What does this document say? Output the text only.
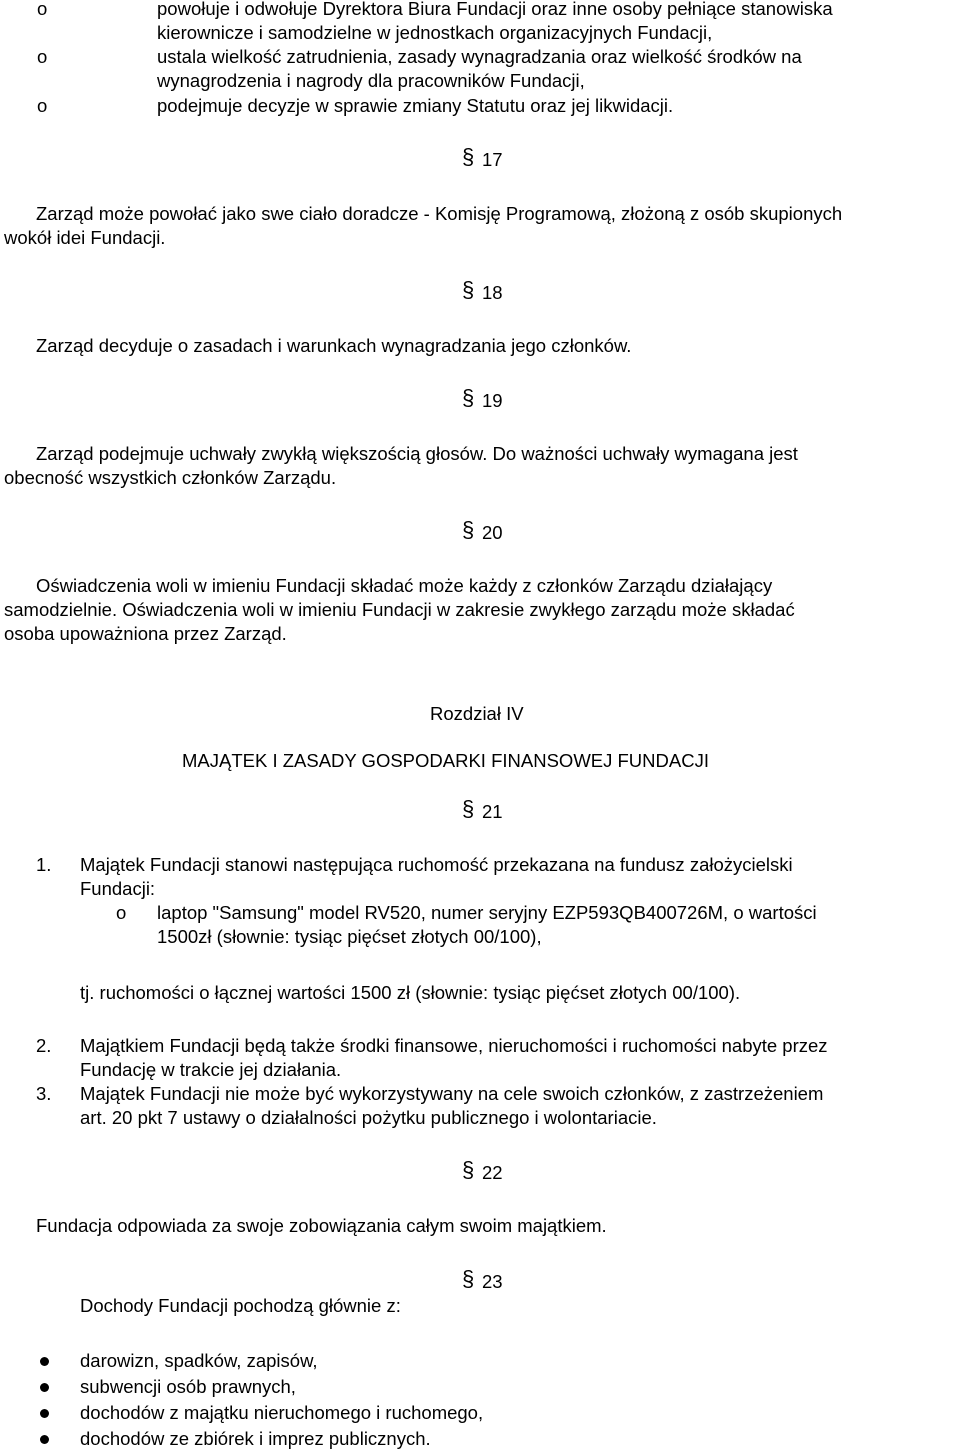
o	powołuje i odwołuje Dyrektora Biura Fundacji oraz inne osoby pełniące stanowiska
kierownicze i samodzielne w jednostkach organizacyjnych Fundacji,
o	ustala wielkość zatrudnienia, zasady wynagradzania oraz wielkość środków na
wynagrodzenia i nagrody dla pracowników Fundacji,
o	podejmuje decyzje w sprawie zmiany Statutu oraz jej likwidacji.
§ 17
Zarząd może powołać jako swe ciało doradcze - Komisję Programową, złożoną z osób skupionych
wokół idei Fundacji.
§ 18
Zarząd decyduje o zasadach i warunkach wynagradzania jego członków.
§ 19
Zarząd podejmuje uchwały zwykłą większością głosów. Do ważności uchwały wymagana jest
obecność wszystkich członków Zarządu.
§ 20
Oświadczenia woli w imieniu Fundacji składać może każdy z członków Zarządu działający
samodzielnie. Oświadczenia woli w imieniu Fundacji w zakresie zwykłego zarządu może składać
osoba upoważniona przez Zarząd.
Rozdział IV
MAJĄTEK I ZASADY GOSPODARKI FINANSOWEJ FUNDACJI
§ 21
1. Majątek Fundacji stanowi następująca ruchomość przekazana na fundusz założycielski
Fundacji:
o laptop "Samsung" model RV520, numer seryjny EZP593QB400726M, o wartości
1500zł (słownie: tysiąc pięćset złotych 00/100),
tj. ruchomości o łącznej wartości 1500 zł (słownie: tysiąc pięćset złotych 00/100).
2. Majątkiem Fundacji będą także środki finansowe, nieruchomości i ruchomości nabyte przez
Fundację w trakcie jej działania.
3. Majątek Fundacji nie może być wykorzystywany na cele swoich członków, z zastrzeżeniem
art. 20 pkt 7 ustawy o działalności pożytku publicznego i wolontariacie.
§ 22
Fundacja odpowiada za swoje zobowiązania całym swoim majątkiem.
§ 23
Dochody Fundacji pochodzą głównie z:
darowizn, spadków, zapisów,
subwencji osób prawnych,
dochodów z majątku nieruchomego i ruchomego,
dochodów ze zbiórek i imprez publicznych.
